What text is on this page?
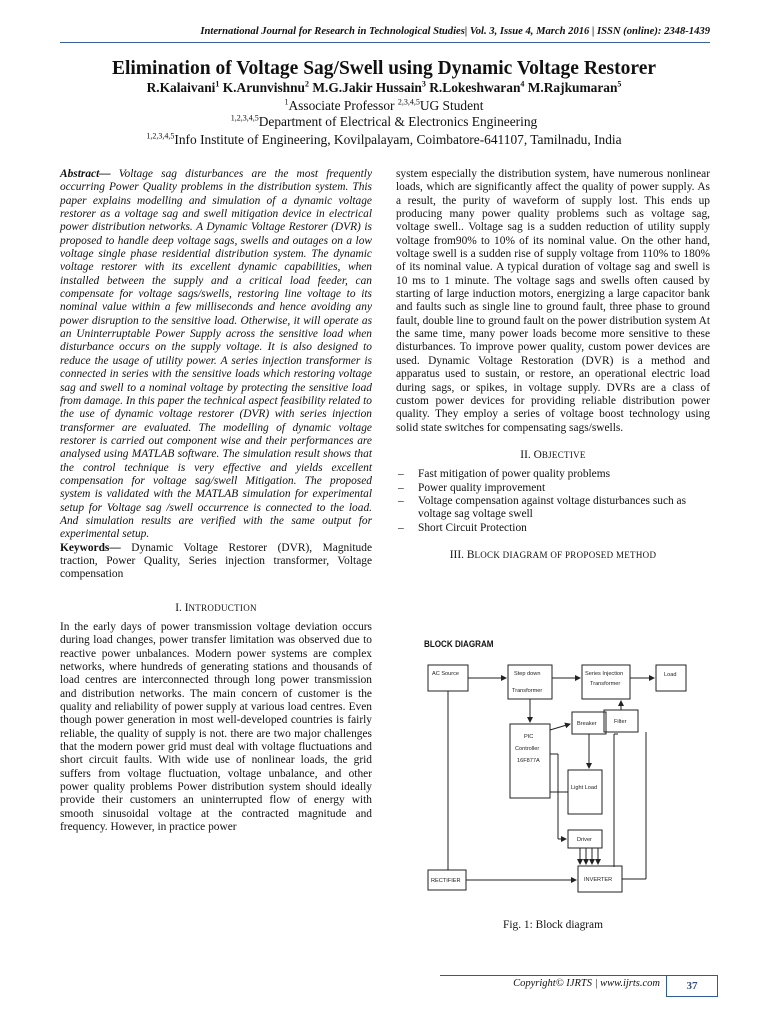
International Journal for Research in Technological Studies| Vol. 3, Issue 4, March 2016 | ISSN (online): 2348-1439
Elimination of Voltage Sag/Swell using Dynamic Voltage Restorer
R.Kalaivani$^1$ K.Arunvishnu$^2$ M.G.Jakir Hussain$^3$ R.Lokeshwaran$^4$ M.Rajkumaran$^5$
$^1$Associate Professor $^{2,3,4,5}$UG Student
$^{1,2,3,4,5}$Department of Electrical & Electronics Engineering
$^{1,2,3,4,5}$Info Institute of Engineering, Kovilpalayam, Coimbatore-641107, Tamilnadu, India

Abstract— Voltage sag disturbances are the most frequently occurring Power Quality problems in the distribution system. This paper explains modelling and simulation of a dynamic voltage restorer as a voltage sag and swell mitigation device in electrical power distribution networks. A Dynamic Voltage Restorer (DVR) is proposed to handle deep voltage sags, swells and outages on a low voltage single phase residential distribution system. The dynamic voltage restorer with its excellent dynamic capabilities, when installed between the supply and a critical load feeder, can compensate for voltage sags/swells, restoring line voltage to its nominal value within a few milliseconds and hence avoiding any power disruption to the sensitive load. Otherwise, it will operate as an Uninterruptable Power Supply across the sensitive load when disturbance occurs on the supply voltage. It is also designed to reduce the usage of utility power. A series injection transformer is connected in series with the sensitive loads which restoring voltage sag and swell to a nominal voltage by protecting the sensitive load from damage. In this paper the technical aspect feasibility related to the use of dynamic voltage restorer (DVR) with series injection transformer are evaluated. The modelling of dynamic voltage restorer is carried out component wise and their performances are analysed using MATLAB software. The simulation result shows that the control technique is very effective and yields excellent compensation for voltage sag/swell Mitigation. The proposed system is validated with the MATLAB simulation for experimental setup for Voltage sag /swell occurrence is connected to the load. And simulation results are verified with the same output for experimental setup.

Keywords— Dynamic Voltage Restorer (DVR), Magnitude traction, Power Quality, Series injection transformer, Voltage compensation

I. INTRODUCTION

In the early days of power transmission voltage deviation occurs during load changes, power transfer limitation was observed due to reactive power unbalances. Modern power systems are complex networks, where hundreds of generating stations and thousands of load centres are interconnected through long power transmission and distribution networks. The main concern of customer is the quality and reliability of power supply at various load centres. Even though power generation in most well-developed countries is fairly reliable, the quality of supply is not. there are two major challenges that the modern power grid must deal with voltage fluctuations and short circuit faults. With wide use of nonlinear loads, the grid suffers from voltage fluctuation, voltage unbalance, and other power quality problems Power distribution system should ideally provide their customers an uninterrupted flow of energy with smooth sinusoidal voltage at the contracted magnitude and frequency. However, in practice power

system especially the distribution system, have numerous nonlinear loads, which are significantly affect the quality of power supply. As a result, the purity of waveform of supply lost. This ends up producing many power quality problems such as voltage sag, voltage swell.. Voltage sag is a sudden reduction of utility supply voltage from90% to 10% of its nominal value. On the other hand, voltage swell is a sudden rise of supply voltage from 110% to 180% of its nominal value. A typical duration of voltage sag and swell is 10 ms to 1 minute. The voltage sags and swells often caused by starting of large induction motors, energizing a large capacitor bank and faults such as single line to ground fault, three phase to ground fault, double line to ground fault on the power distribution system At the same time, many power loads become more sensitive to these disturbances. To improve power quality, custom power devices are used. Dynamic Voltage Restoration (DVR) is a method and apparatus used to sustain, or restore, an operational electric load during sags, or spikes, in voltage supply. DVRs are a class of custom power devices for providing reliable distribution power quality. They employ a series of voltage boost technology using solid state switches for compensating sags/swells.

II. OBJECTIVE

– Fast mitigation of power quality problems
– Power quality improvement
– Voltage compensation against voltage disturbances such as voltage sag voltage swell
– Short Circuit Protection

III. BLOCK DIAGRAM OF PROPOSED METHOD

BLOCK DIAGRAM
AC Source	Step down
Transformer
Series Injection
Transformer
Load
PIC
Controller
16F877A
Breaker	Filter
Light Load
Driver
RECTIFIER	INVERTER
Fig. 1: Block diagram
Copyright© IJRTS | www.ijrts.com	37
